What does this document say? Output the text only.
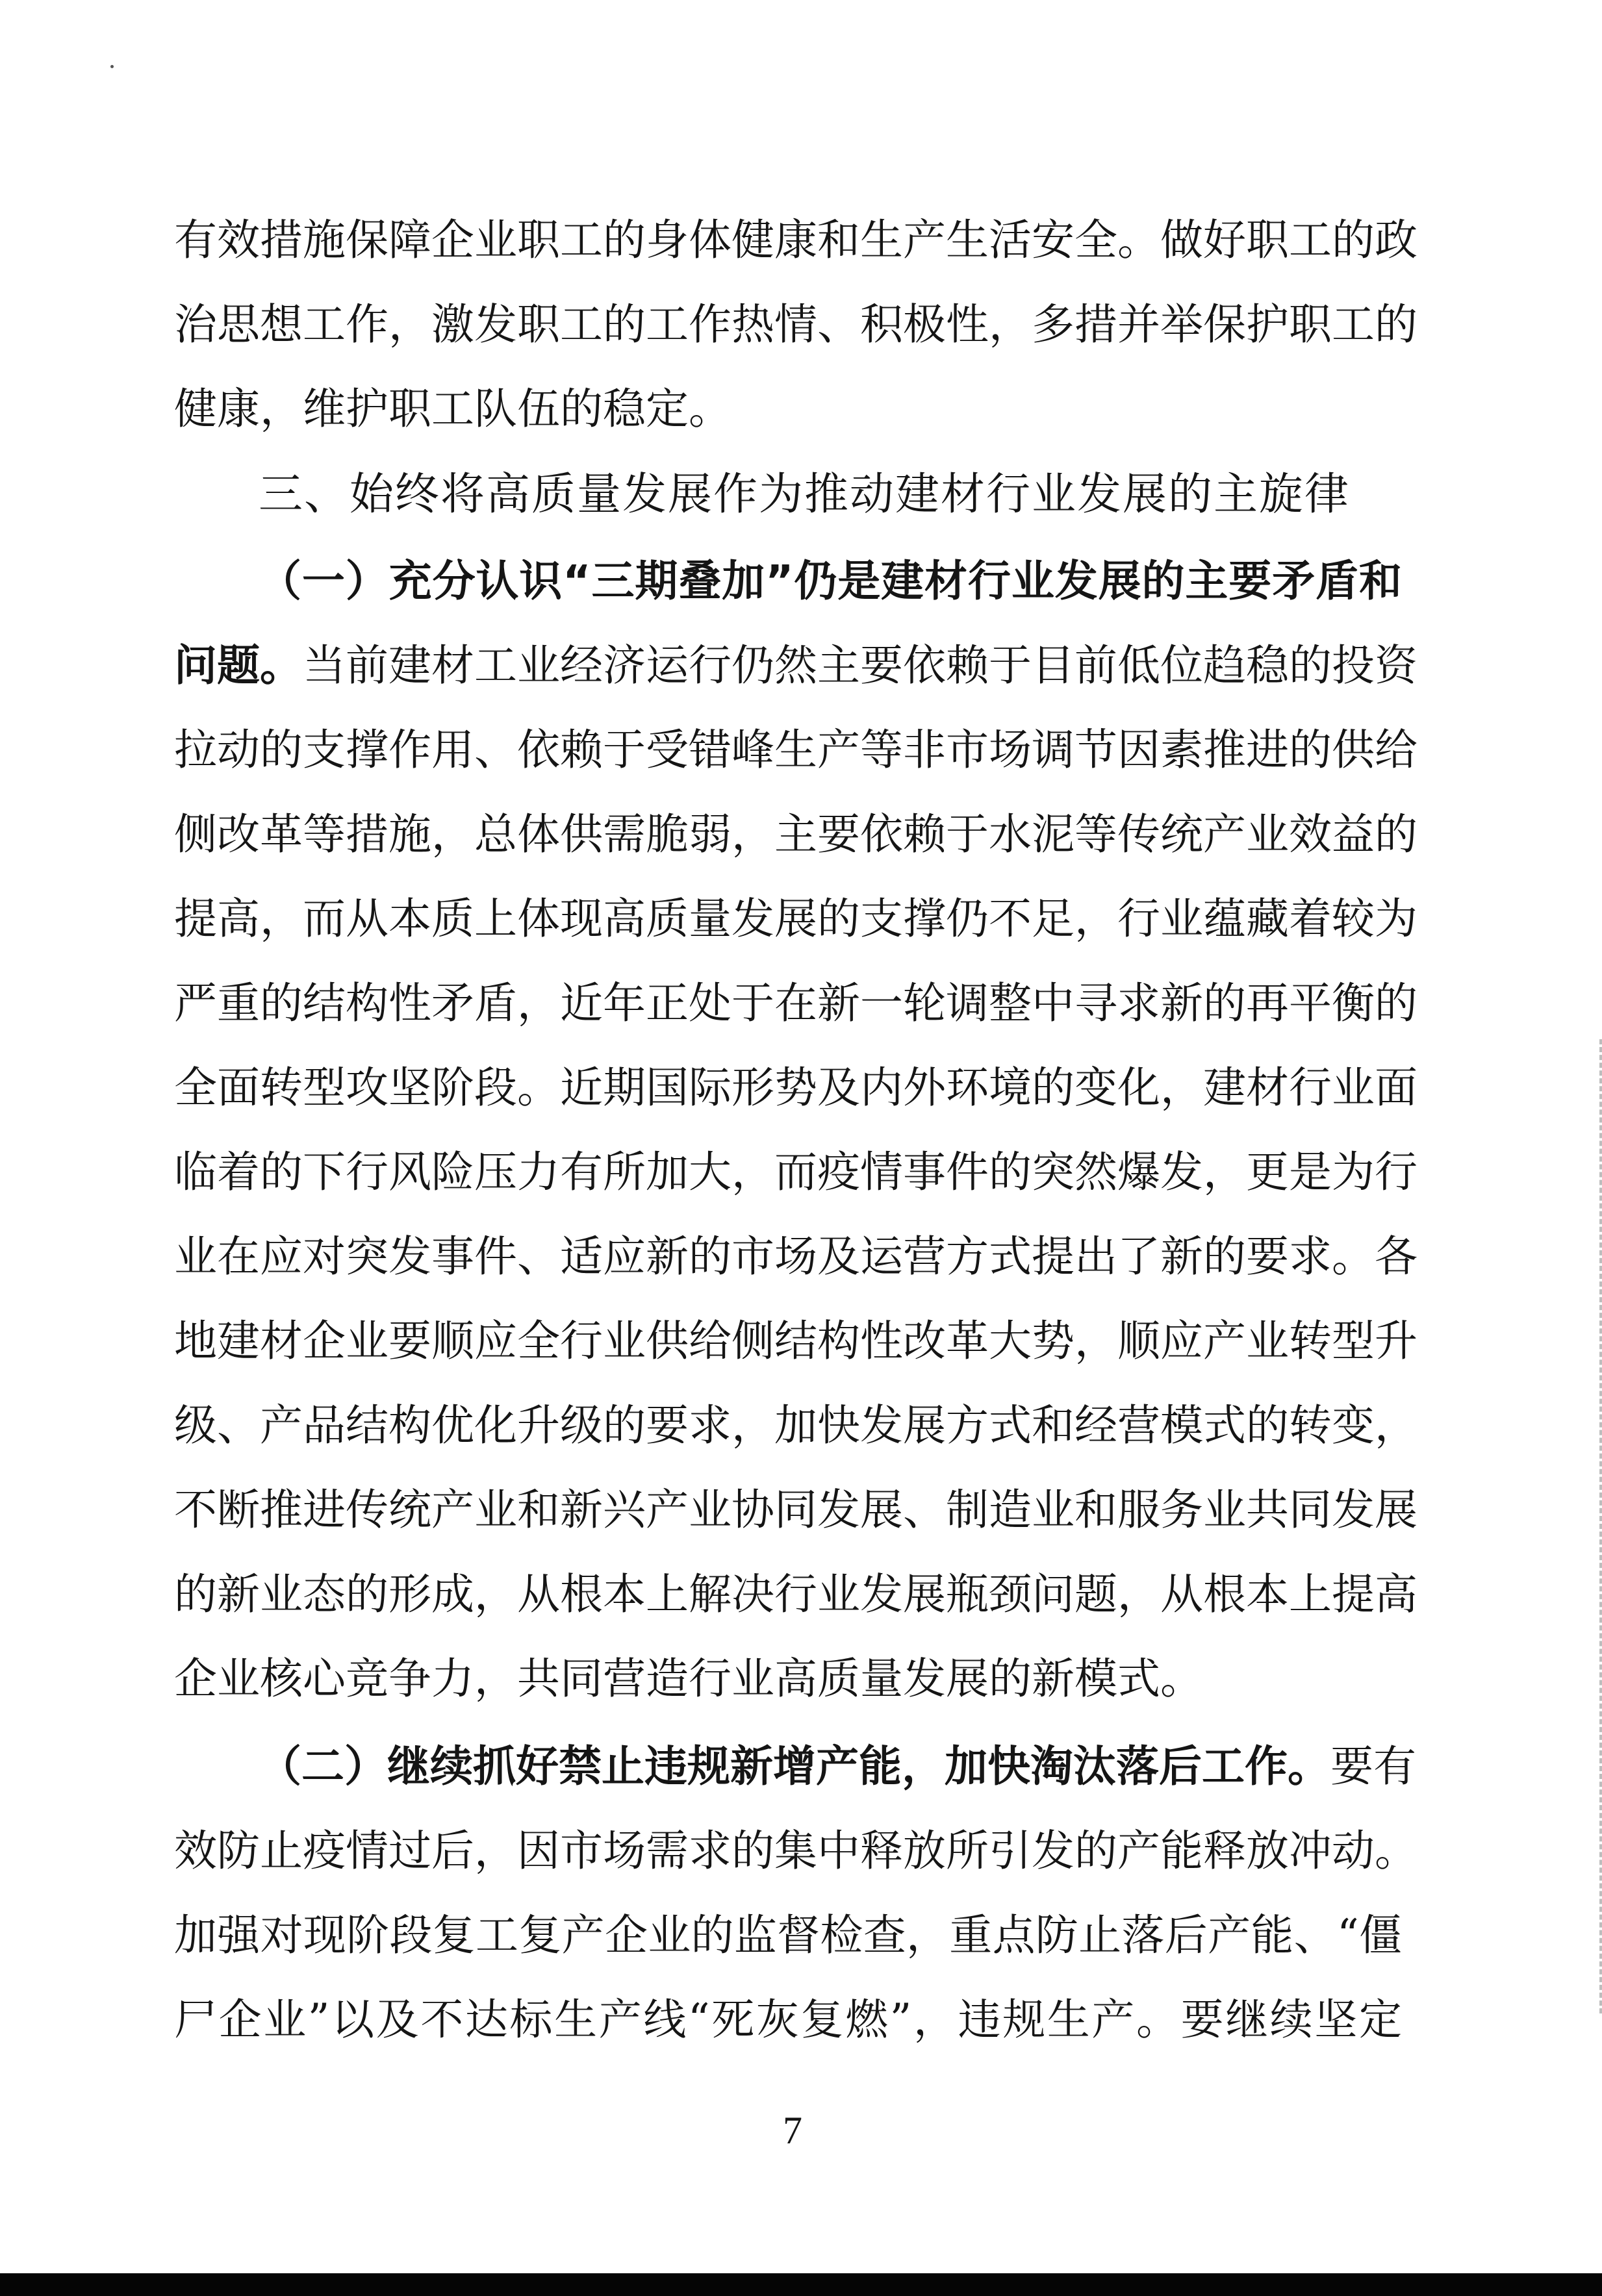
有效措施保障企业职工的身体健康和生产生活安全。做好职工的政
治思想工作，激发职工的工作热情、积极性，多措并举保护职工的
健康，维护职工队伍的稳定。
三、始终将高质量发展作为推动建材行业发展的主旋律
（一）充分认识“三期叠加”仍是建材行业发展的主要矛盾和
问题。当前建材工业经济运行仍然主要依赖于目前低位趋稳的投资
拉动的支撑作用、依赖于受错峰生产等非市场调节因素推进的供给
侧改革等措施，总体供需脆弱，主要依赖于水泥等传统产业效益的
提高，而从本质上体现高质量发展的支撑仍不足，行业蕴藏着较为
严重的结构性矛盾，近年正处于在新一轮调整中寻求新的再平衡的
全面转型攻坚阶段。近期国际形势及内外环境的变化，建材行业面
临着的下行风险压力有所加大，而疫情事件的突然爆发，更是为行
业在应对突发事件、适应新的市场及运营方式提出了新的要求。各
地建材企业要顺应全行业供给侧结构性改革大势，顺应产业转型升
级、产品结构优化升级的要求，加快发展方式和经营模式的转变，
不断推进传统产业和新兴产业协同发展、制造业和服务业共同发展
的新业态的形成，从根本上解决行业发展瓶颈问题，从根本上提高
企业核心竞争力，共同营造行业高质量发展的新模式。
（二）继续抓好禁止违规新增产能，加快淘汰落后工作。要有
效防止疫情过后，因市场需求的集中释放所引发的产能释放冲动。
加强对现阶段复工复产企业的监督检查，重点防止落后产能、“僵
尸企业”以及不达标生产线“死灰复燃”，违规生产。要继续坚定
7
